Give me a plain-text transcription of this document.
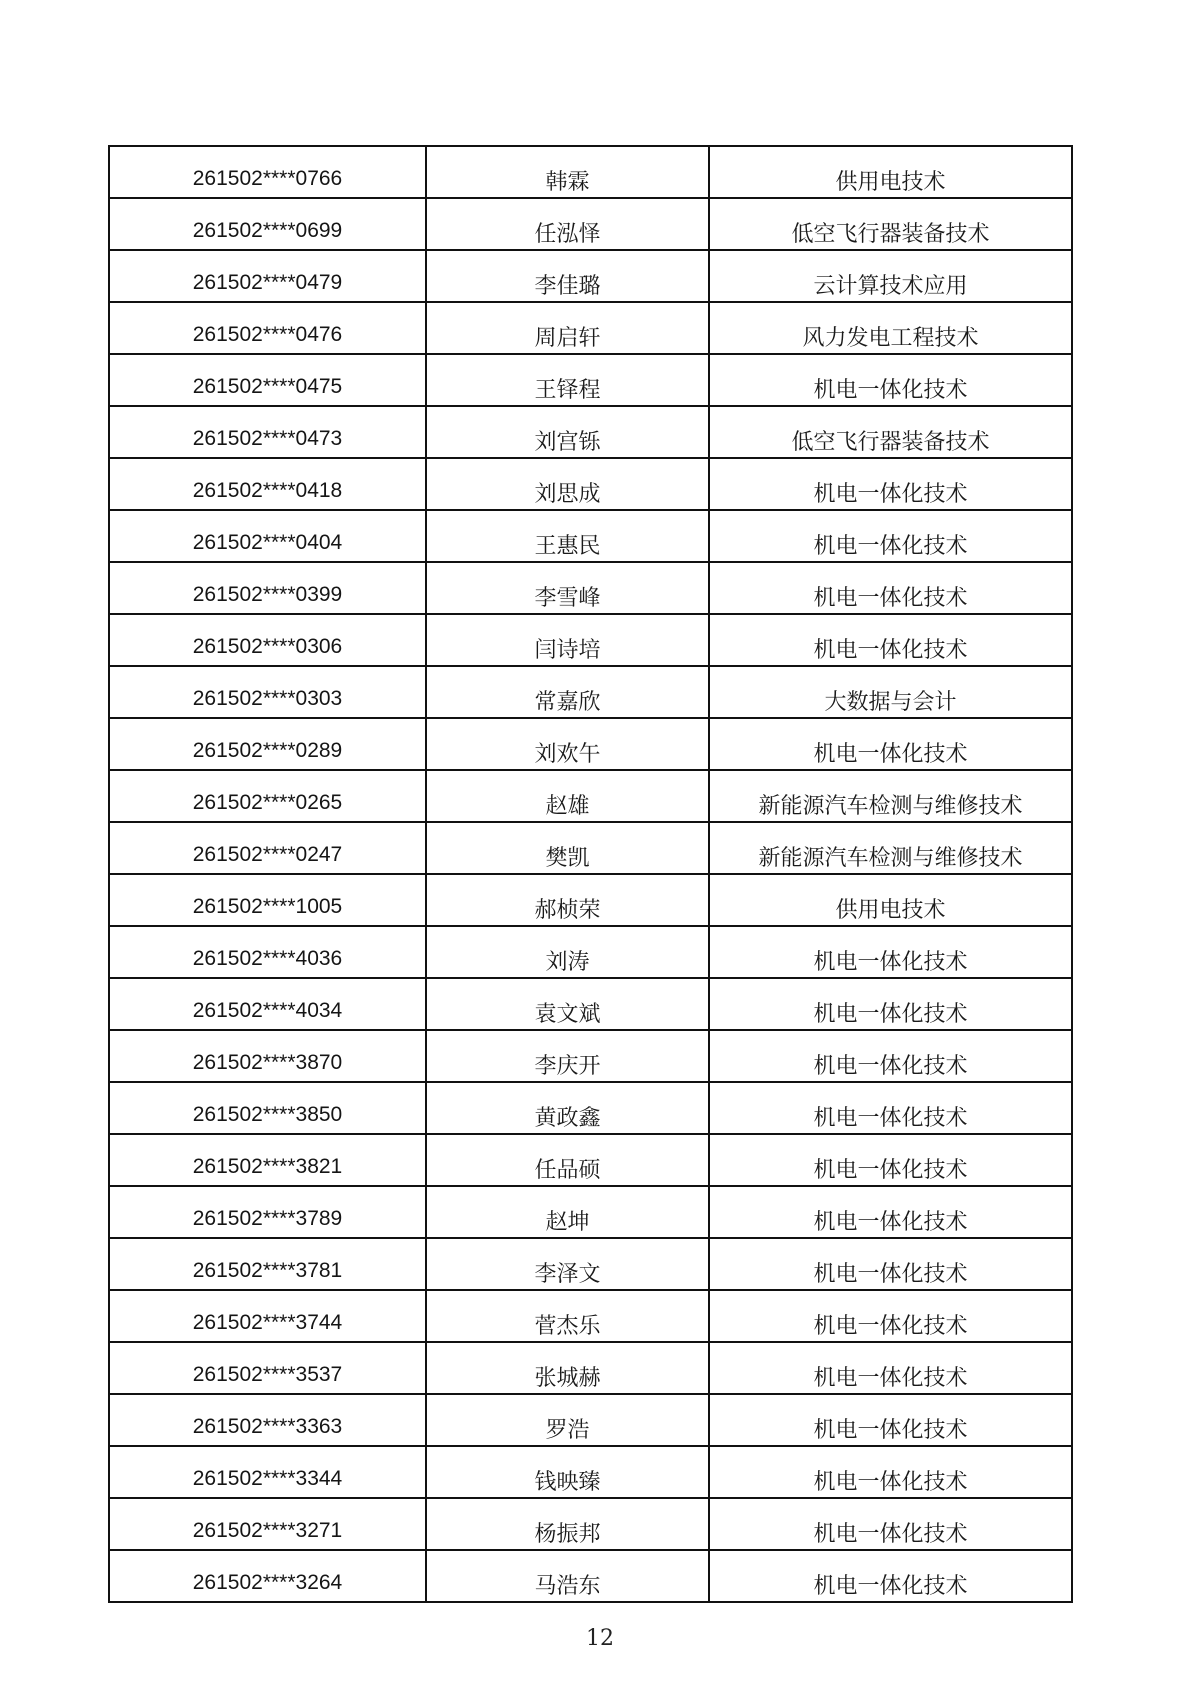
261502****0766	韩霖	供用电技术
261502****0699	任泓怿	低空飞行器装备技术
261502****0479	李佳璐	云计算技术应用
261502****0476	周启轩	风力发电工程技术
261502****0475	王铎程	机电一体化技术
261502****0473	刘宫铄	低空飞行器装备技术
261502****0418	刘思成	机电一体化技术
261502****0404	王惠民	机电一体化技术
261502****0399	李雪峰	机电一体化技术
261502****0306	闫诗培	机电一体化技术
261502****0303	常嘉欣	大数据与会计
261502****0289	刘欢午	机电一体化技术
261502****0265	赵雄	新能源汽车检测与维修技术
261502****0247	樊凯	新能源汽车检测与维修技术
261502****1005	郝桢荣	供用电技术
261502****4036	刘涛	机电一体化技术
261502****4034	袁文斌	机电一体化技术
261502****3870	李庆开	机电一体化技术
261502****3850	黄政鑫	机电一体化技术
261502****3821	任品硕	机电一体化技术
261502****3789	赵坤	机电一体化技术
261502****3781	李泽文	机电一体化技术
261502****3744	菅杰乐	机电一体化技术
261502****3537	张城赫	机电一体化技术
261502****3363	罗浩	机电一体化技术
261502****3344	钱映臻	机电一体化技术
261502****3271	杨振邦	机电一体化技术
261502****3264	马浩东	机电一体化技术
12
